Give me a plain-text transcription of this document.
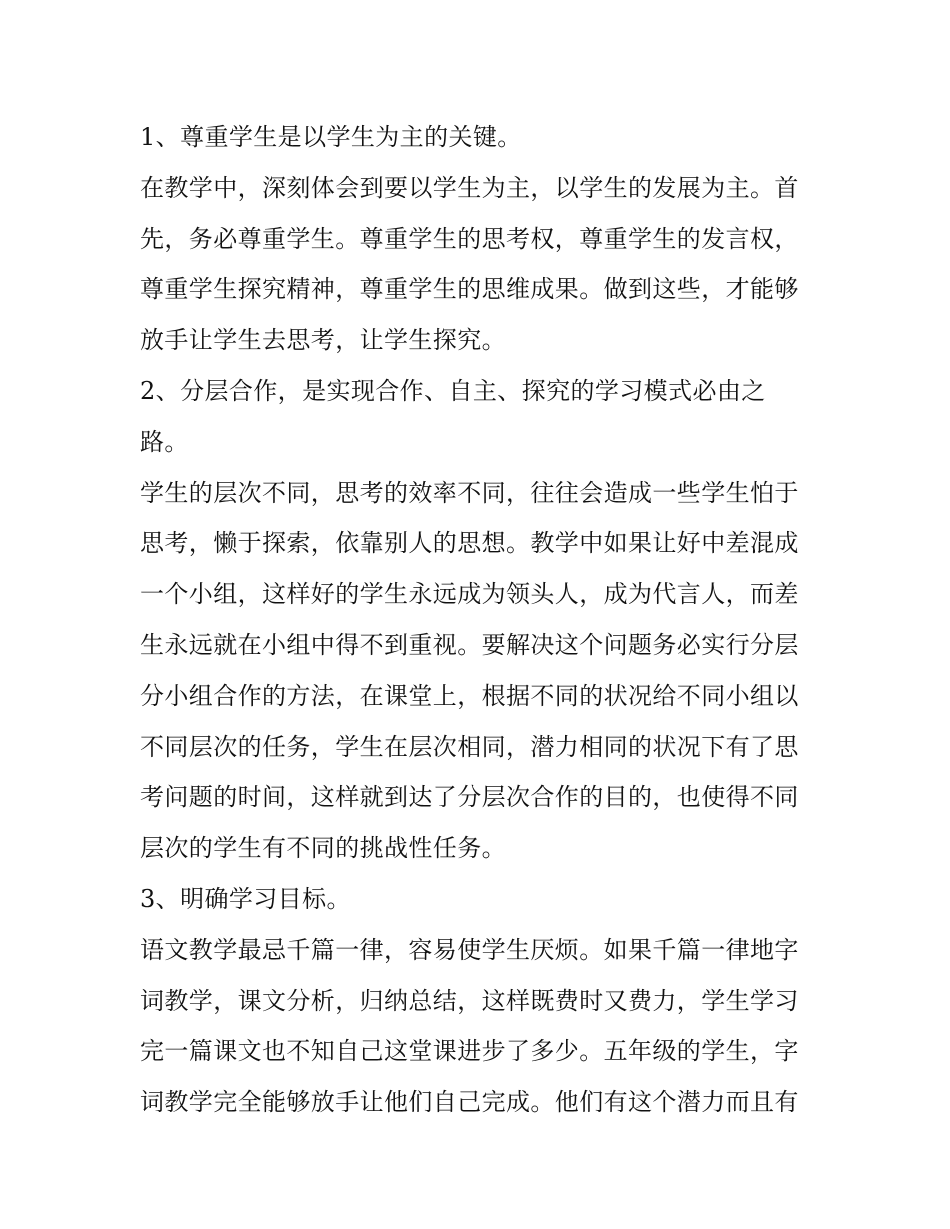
1、尊重学生是以学生为主的关键。
在教学中，深刻体会到要以学生为主，以学生的发展为主。首
先，务必尊重学生。尊重学生的思考权，尊重学生的发言权，
尊重学生探究精神，尊重学生的思维成果。做到这些，才能够
放手让学生去思考，让学生探究。
2、分层合作，是实现合作、自主、探究的学习模式必由之
路。
学生的层次不同，思考的效率不同，往往会造成一些学生怕于
思考，懒于探索，依靠别人的思想。教学中如果让好中差混成
一个小组，这样好的学生永远成为领头人，成为代言人，而差
生永远就在小组中得不到重视。要解决这个问题务必实行分层
分小组合作的方法，在课堂上，根据不同的状况给不同小组以
不同层次的任务，学生在层次相同，潜力相同的状况下有了思
考问题的时间，这样就到达了分层次合作的目的，也使得不同
层次的学生有不同的挑战性任务。
3、明确学习目标。
语文教学最忌千篇一律，容易使学生厌烦。如果千篇一律地字
词教学，课文分析，归纳总结，这样既费时又费力，学生学习
完一篇课文也不知自己这堂课进步了多少。五年级的学生，字
词教学完全能够放手让他们自己完成。他们有这个潜力而且有
